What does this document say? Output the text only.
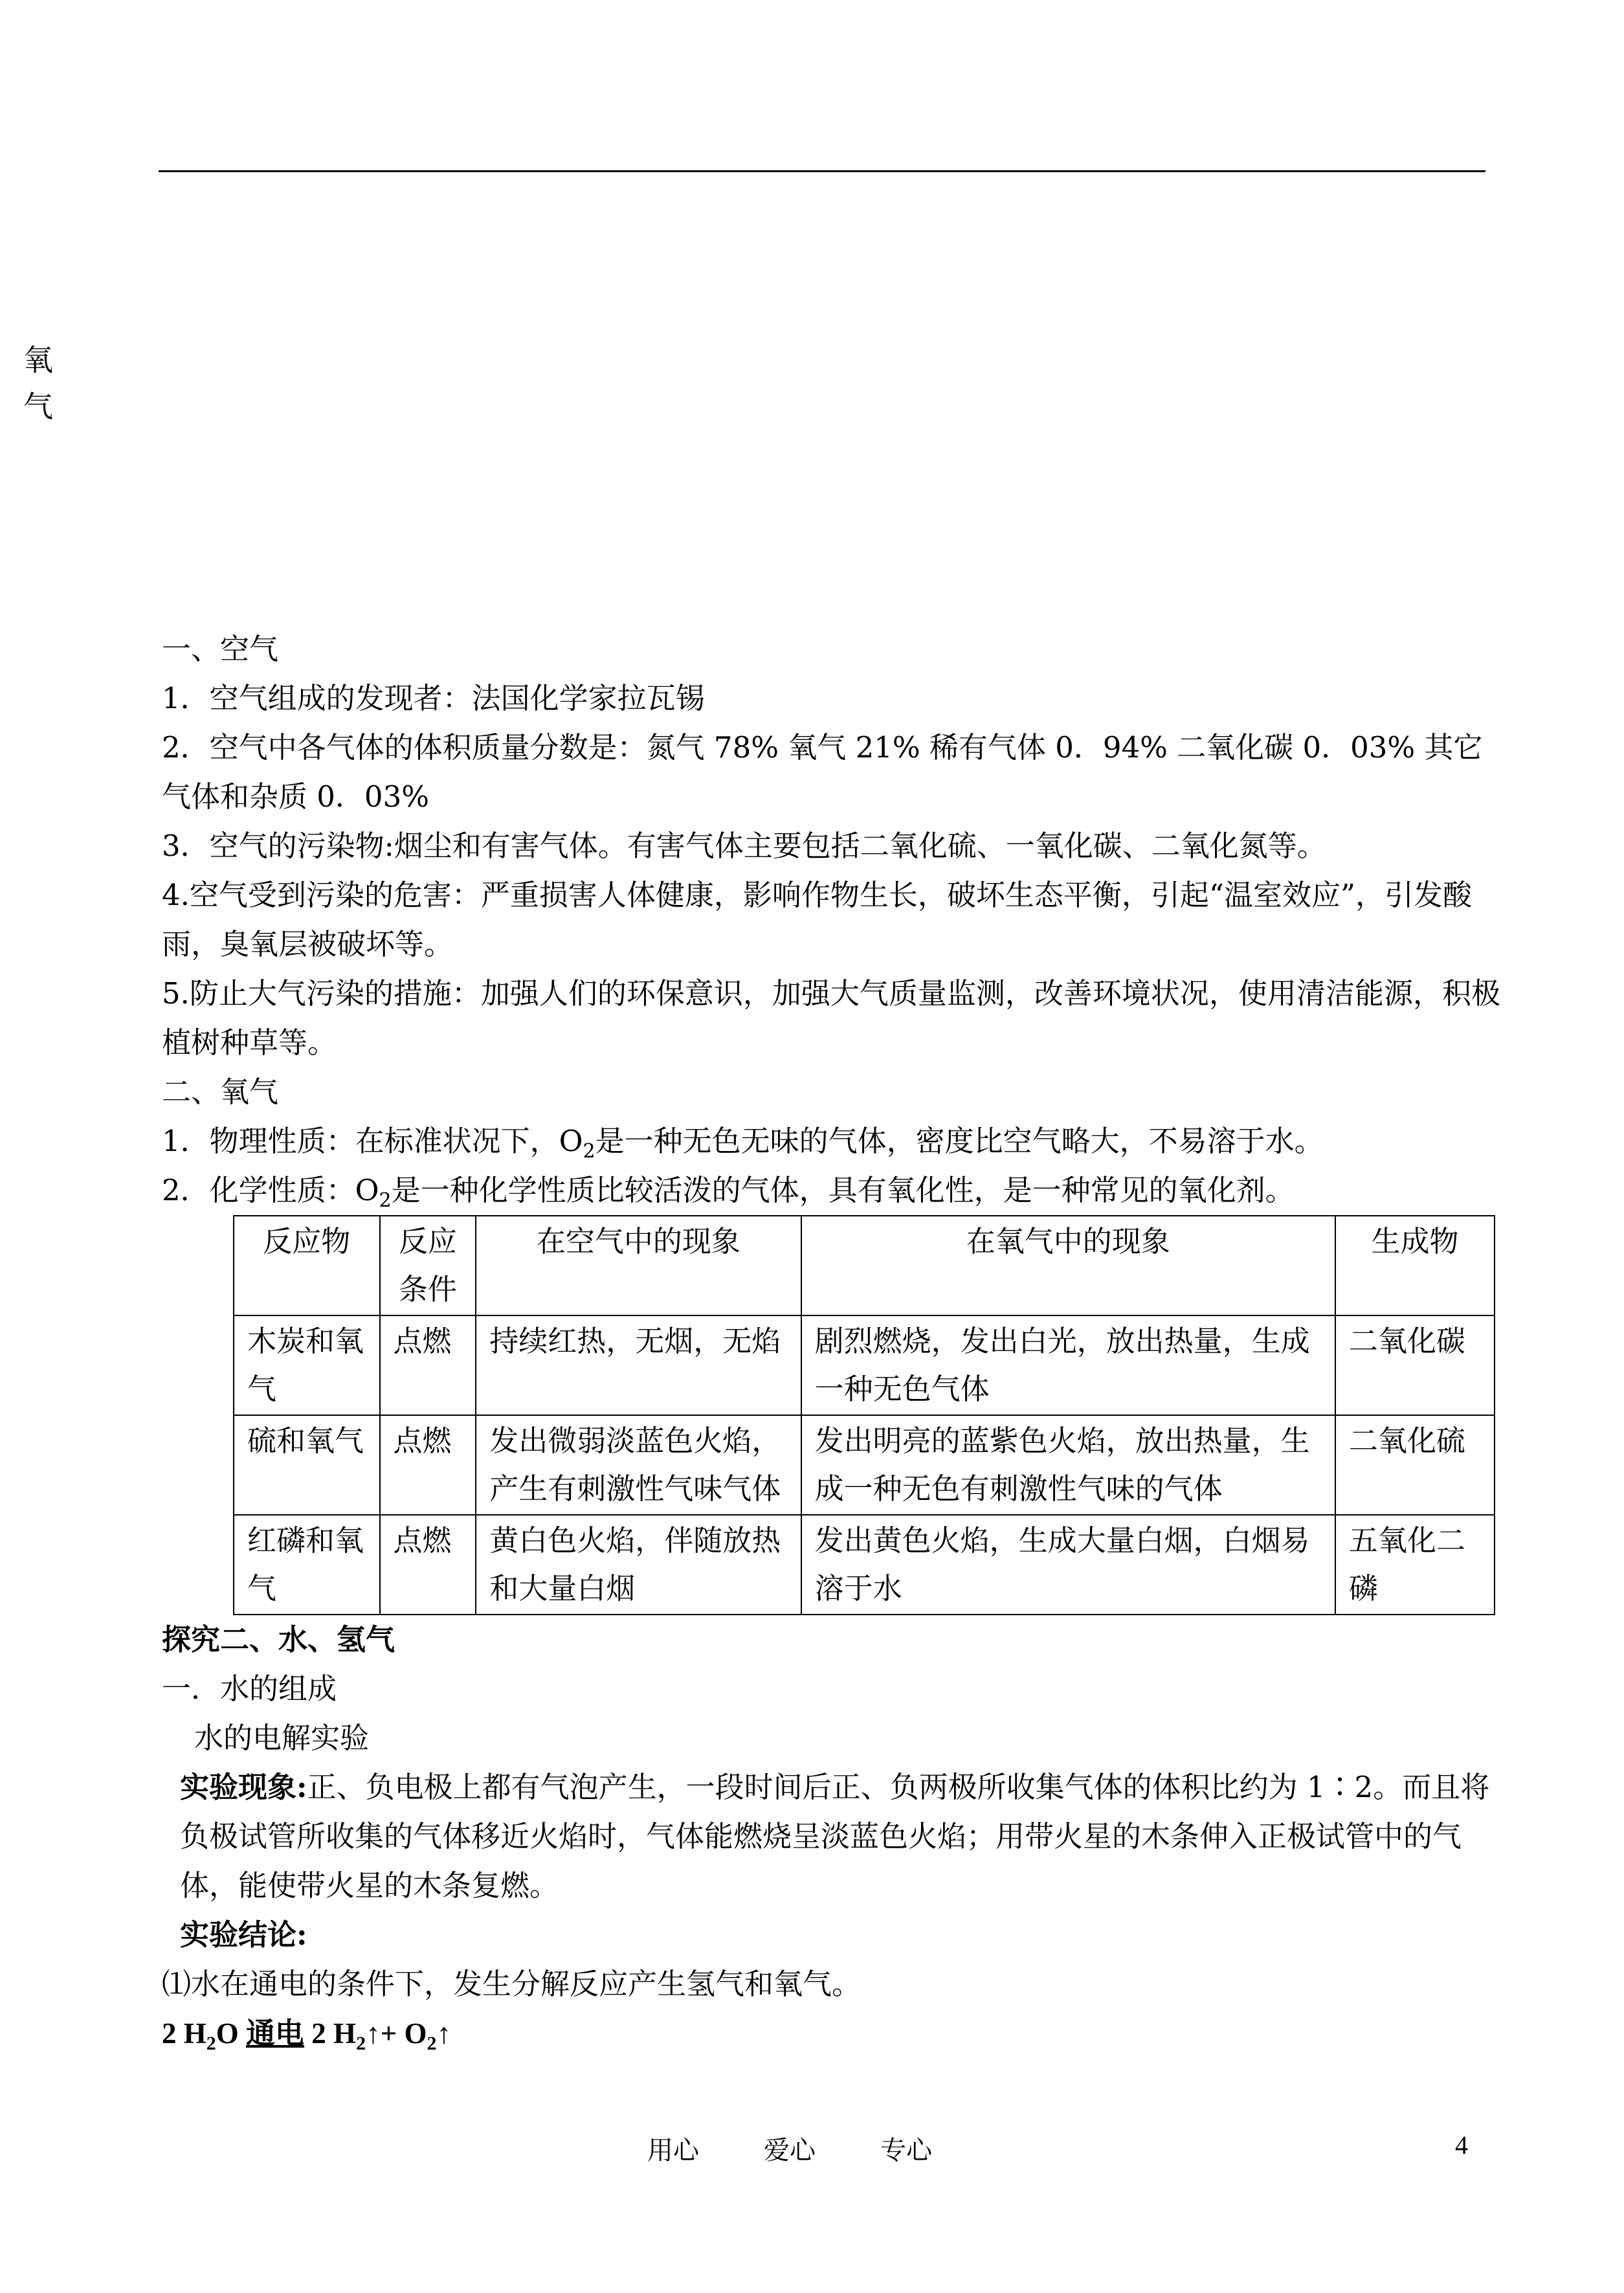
氧
气

一、空气

1．空气组成的发现者：法国化学家拉瓦锡

2．空气中各气体的体积质量分数是：氮气 78% 氧气 21% 稀有气体 0．94% 二氧化碳 0．03% 其它气体和杂质 0．03%

3．空气的污染物:烟尘和有害气体。有害气体主要包括二氧化硫、一氧化碳、二氧化氮等。

4.空气受到污染的危害：严重损害人体健康，影响作物生长，破坏生态平衡，引起“温室效应”，引发酸雨，臭氧层被破坏等。

5.防止大气污染的措施：加强人们的环保意识，加强大气质量监测，改善环境状况，使用清洁能源，积极植树种草等。

二、氧气

1．物理性质：在标准状况下，$O_2$是一种无色无味的气体，密度比空气略大，不易溶于水。

2．化学性质：$O_2$是一种化学性质比较活泼的气体，具有氧化性，是一种常见的氧化剂。

反应物	反应条件	在空气中的现象	在氧气中的现象	生成物
木炭和氧气	点燃	持续红热，无烟，无焰	剧烈燃烧，发出白光，放出热量，生成一种无色气体	二氧化碳
硫和氧气	点燃	发出微弱淡蓝色火焰，产生有刺激性气味气体	发出明亮的蓝紫色火焰，放出热量，生成一种无色有刺激性气味的气体	二氧化硫
红磷和氧气	点燃	黄白色火焰，伴随放热和大量白烟	发出黄色火焰，生成大量白烟，白烟易溶于水	五氧化二磷

探究二、水、氢气

一．水的组成

水的电解实验

实验现象:正、负电极上都有气泡产生，一段时间后正、负两极所收集气体的体积比约为 1∶2。而且将负极试管所收集的气体移近火焰时，气体能燃烧呈淡蓝色火焰；用带火星的木条伸入正极试管中的气体，能使带火星的木条复燃。

实验结论:

⑴水在通电的条件下，发生分解反应产生氢气和氧气。

2 $H_2O$ 通电 2 $H_2↑+$ $O_2↑$

用心	爱心	专心	4
